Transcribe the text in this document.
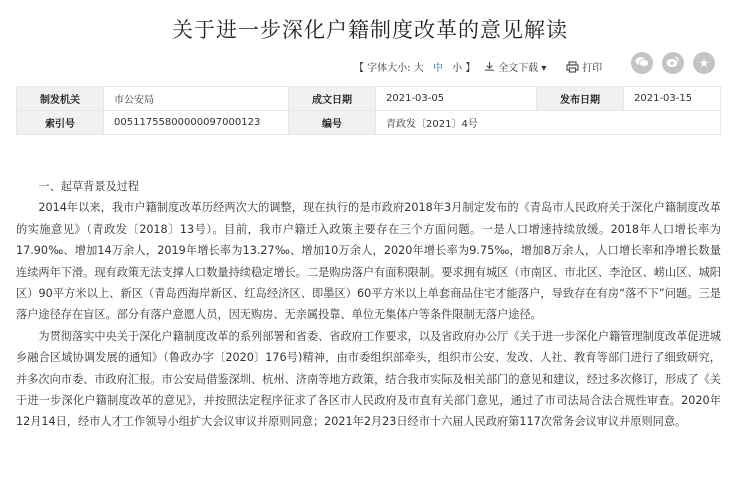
关于进一步深化户籍制度改革的意见解读
【 字体大小: 大 中 小 】	全文下载 ▾	打印	★
制发机关	市公安局	成文日期	2021-03-05	发布日期	2021-03-15
索引号	00511755800000097000123	编号	青政发〔2021〕4号		

一、起草背景及过程

2014年以来，我市户籍制度改革历经两次大的调整，现在执行的是市政府2018年3月制定发布的《青岛市人民政府关于深化户籍制度改革的实施意见》（青政发〔2018〕13号）。目前，我市户籍迁入政策主要存在三个方面问题。一是人口增速持续放缓。2018年人口增长率为17.90‰、增加14万余人，2019年增长率为13.27‰、增加10万余人，2020年增长率为9.75‰，增加8万余人，人口增长率和净增长数量连续两年下滑。现有政策无法支撑人口数量持续稳定增长。二是购房落户有面积限制。要求拥有城区（市南区、市北区、李沧区、崂山区、城阳区）90平方米以上、新区（青岛西海岸新区、红岛经济区、即墨区）60平方米以上单套商品住宅才能落户，导致存在有房“落不下”问题。三是落户途径存在盲区。部分有落户意愿人员，因无购房、无亲属投靠、单位无集体户等条件限制无落户途径。

为贯彻落实中央关于深化户籍制度改革的系列部署和省委、省政府工作要求，以及省政府办公厅《关于进一步深化户籍管理制度改革促进城乡融合区域协调发展的通知》（鲁政办字〔2020〕176号)精神，由市委组织部牵头，组织市公安、发改、人社、教育等部门进行了细致研究，并多次向市委、市政府汇报。市公安局借鉴深圳、杭州、济南等地方政策，结合我市实际及相关部门的意见和建议，经过多次修订，形成了《关于进一步深化户籍制度改革的意见》，并按照法定程序征求了各区市人民政府及市直有关部门意见，通过了市司法局合法合规性审查。2020年12月14日，经市人才工作领导小组扩大会议审议并原则同意；2021年2月23日经市十六届人民政府第117次常务会议审议并原则同意。
